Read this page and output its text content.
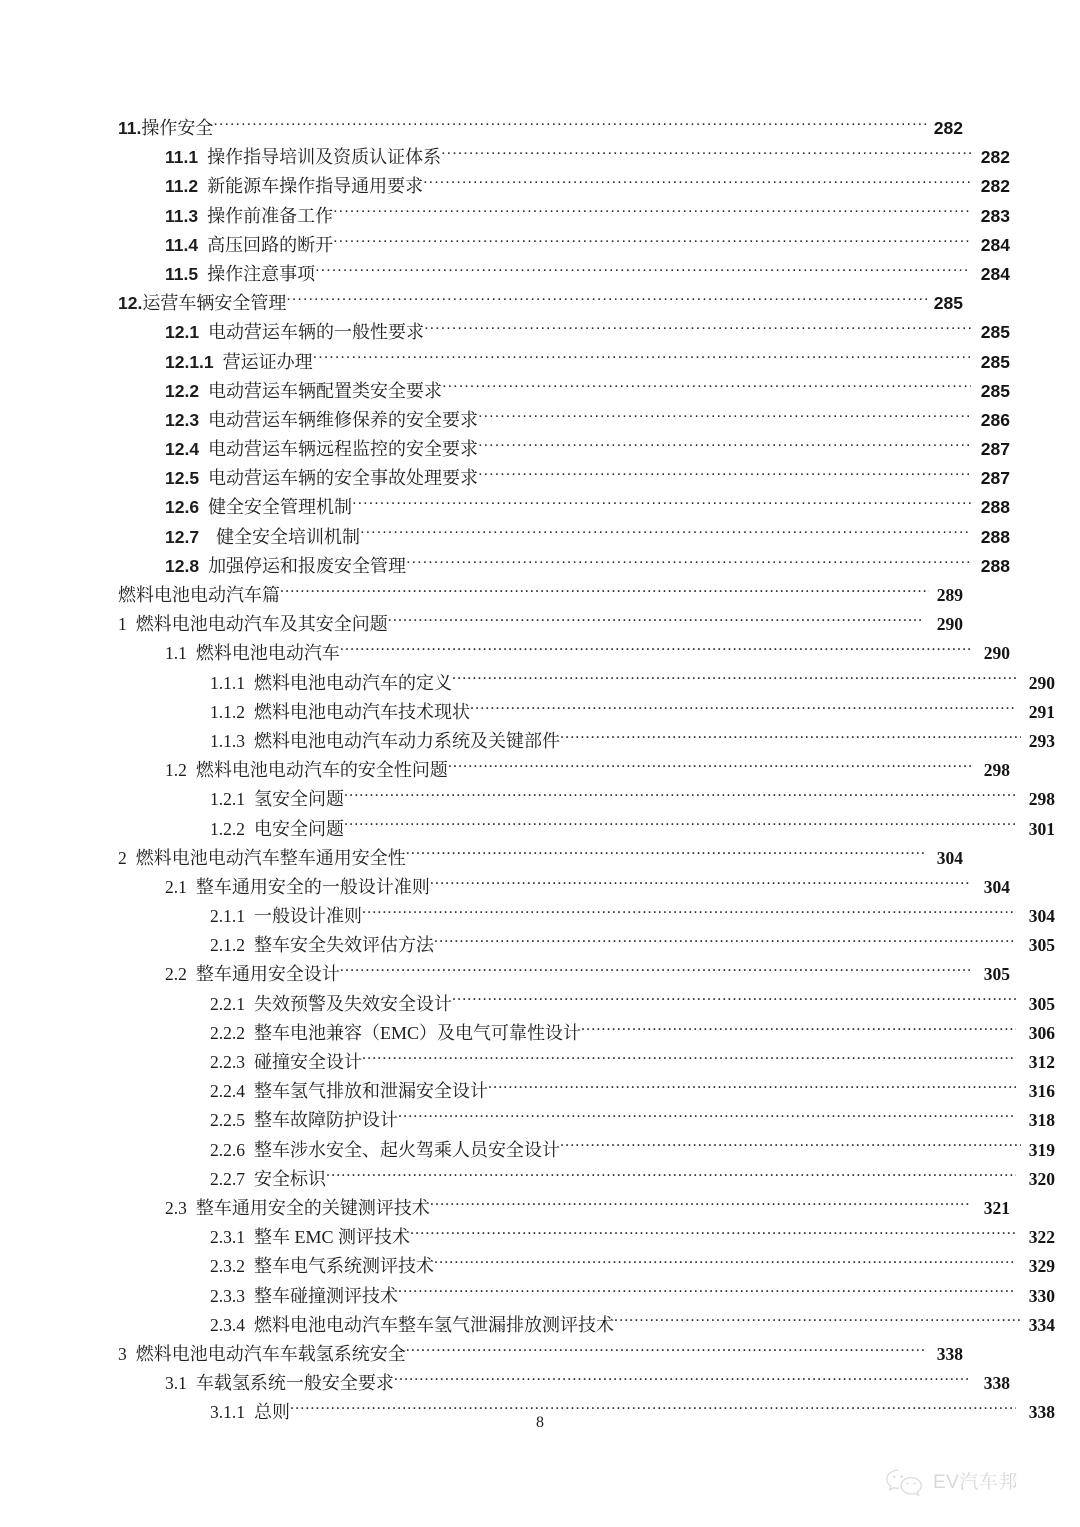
11. 操作安全 .....	282
11.1 操作指导培训及资质认证体系 .....	282
11.2 新能源车操作指导通用要求 .....	282
11.3 操作前准备工作 .....	283
11.4 高压回路的断开 .....	284
11.5 操作注意事项 .....	284
12. 运营车辆安全管理 .....	285
12.1 电动营运车辆的一般性要求 .....	285
12.1.1 营运证办理 .....	285
12.2 电动营运车辆配置类安全要求 .....	285
12.3 电动营运车辆维修保养的安全要求 .....	286
12.4 电动营运车辆远程监控的安全要求 .....	287
12.5 电动营运车辆的安全事故处理要求 .....	287
12.6 健全安全管理机制 .....	288
12.7 健全安全培训机制 .....	288
12.8 加强停运和报废安全管理 .....	288
燃料电池电动汽车篇 .....	289
1 燃料电池电动汽车及其安全问题 .....	290
1.1 燃料电池电动汽车 .....	290
1.1.1 燃料电池电动汽车的定义 .....	290
1.1.2 燃料电池电动汽车技术现状 .....	291
1.1.3 燃料电池电动汽车动力系统及关键部件 .....	293
1.2 燃料电池电动汽车的安全性问题 .....	298
1.2.1 氢安全问题 .....	298
1.2.2 电安全问题 .....	301
2 燃料电池电动汽车整车通用安全性 .....	304
2.1 整车通用安全的一般设计准则 .....	304
2.1.1 一般设计准则 .....	304
2.1.2 整车安全失效评估方法 .....	305
2.2 整车通用安全设计 .....	305
2.2.1 失效预警及失效安全设计 .....	305
2.2.2 整车电池兼容（EMC）及电气可靠性设计 .....	306
2.2.3 碰撞安全设计 .....	312
2.2.4 整车氢气排放和泄漏安全设计 .....	316
2.2.5 整车故障防护设计 .....	318
2.2.6 整车涉水安全、起火驾乘人员安全设计 .....	319
2.2.7 安全标识 .....	320
2.3 整车通用安全的关键测评技术 .....	321
2.3.1 整车 EMC 测评技术 .....	322
2.3.2 整车电气系统测评技术 .....	329
2.3.3 整车碰撞测评技术 .....	330
2.3.4 燃料电池电动汽车整车氢气泄漏排放测评技术 .....	334
3 燃料电池电动汽车车载氢系统安全 .....	338
3.1 车载氢系统一般安全要求 .....	338
3.1.1 总则 .....	338
8
EV汽车邦
